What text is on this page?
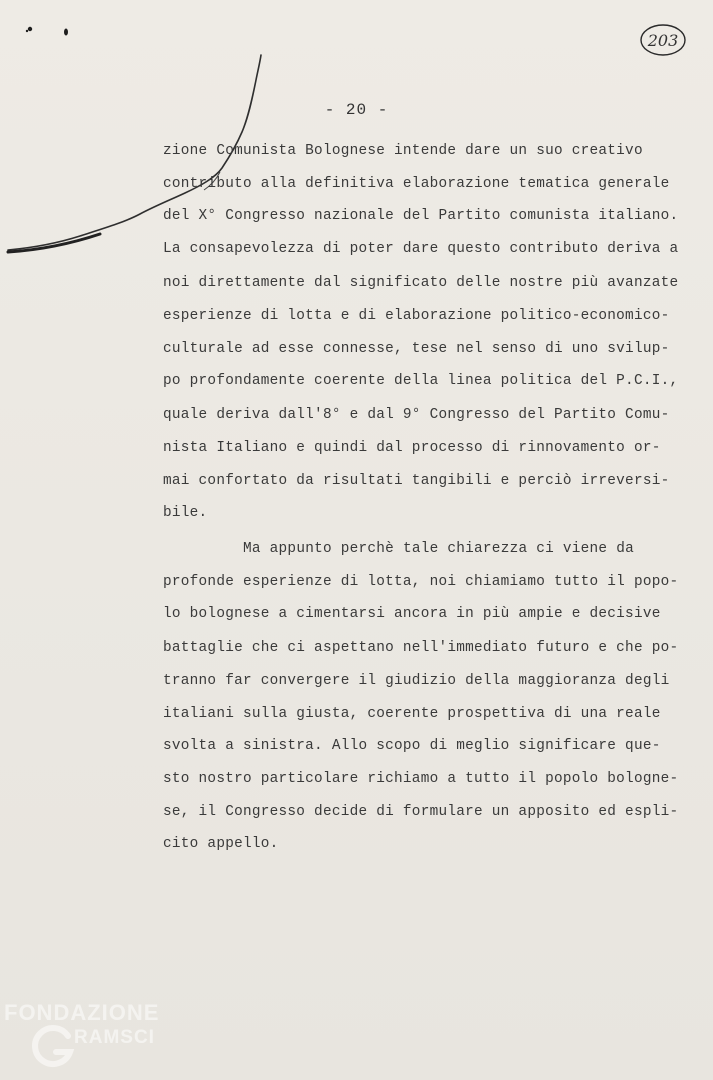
203
- 20 -
zione Comunista Bolognese intende dare un suo creativo
contributo alla definitiva elaborazione tematica generale
del X° Congresso nazionale del Partito comunista italiano.
La consapevolezza di poter dare questo contributo deriva a
noi direttamente dal significato delle nostre più avanzate
esperienze di lotta e di elaborazione politico-economico-
culturale ad esse connesse, tese nel senso di uno svilup-
po profondamente coerente della linea politica del P.C.I.,
quale deriva dall'8° e dal 9° Congresso del Partito Comu-
nista Italiano e quindi dal processo di rinnovamento or-
mai confortato da risultati tangibili e perciò irreversi-
bile.
Ma appunto perchè tale chiarezza ci viene da
profonde esperienze di lotta, noi chiamiamo tutto il popo-
lo bolognese a cimentarsi ancora in più ampie e decisive
battaglie che ci aspettano nell'immediato futuro e che po-
tranno far convergere il giudizio della maggioranza degli
italiani sulla giusta, coerente prospettiva di una reale
svolta a sinistra. Allo scopo di meglio significare que-
sto nostro particolare richiamo a tutto il popolo bologne-
se, il Congresso decide di formulare un apposito ed espli-
cito appello.
FONDAZIONE
RAMSCI
